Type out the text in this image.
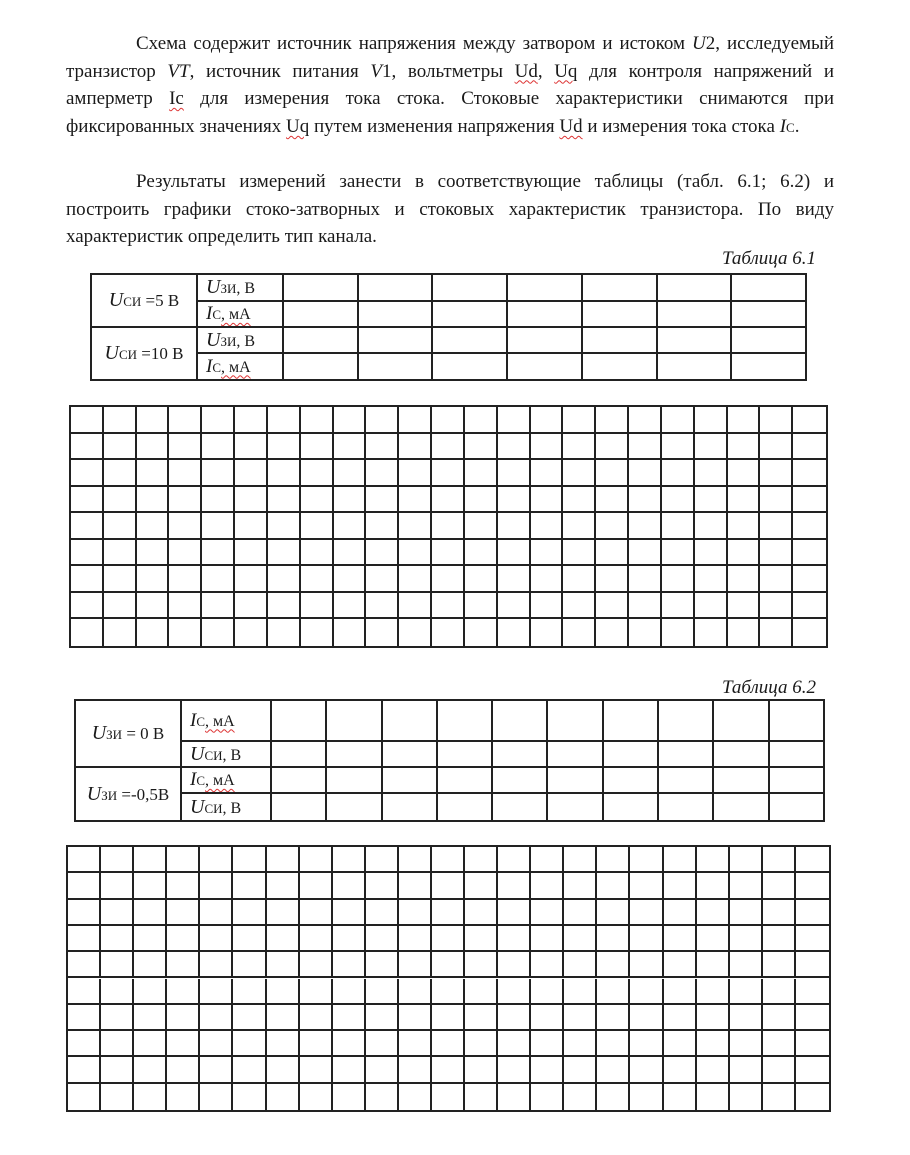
Схема содержит источник напряжения между затвором и истоком U2, исследуемый транзистор VT, источник питания V1, вольтметры Ud, Uq для контроля напряжений и амперметр Ic для измерения тока стока. Стоковые характеристики снимаются при фиксированных значениях Uq путем изменения напряжения Ud и измерения тока стока IC.

Результаты измерений занести в соответствующие таблицы (табл. 6.1; 6.2) и построить графики стоко-затворных и стоковых характеристик транзистора. По виду характеристик определить тип канала.

Таблица 6.1
UСИ =5 В	UЗИ, В							
	IС, мА							
UСИ =10 В	UЗИ, В							
	IС, мА							
Таблица 6.2
UЗИ = 0 В	IС, мА										
	UСИ, В										
UЗИ =-0,5В	IС, мА										
	UСИ, В										
